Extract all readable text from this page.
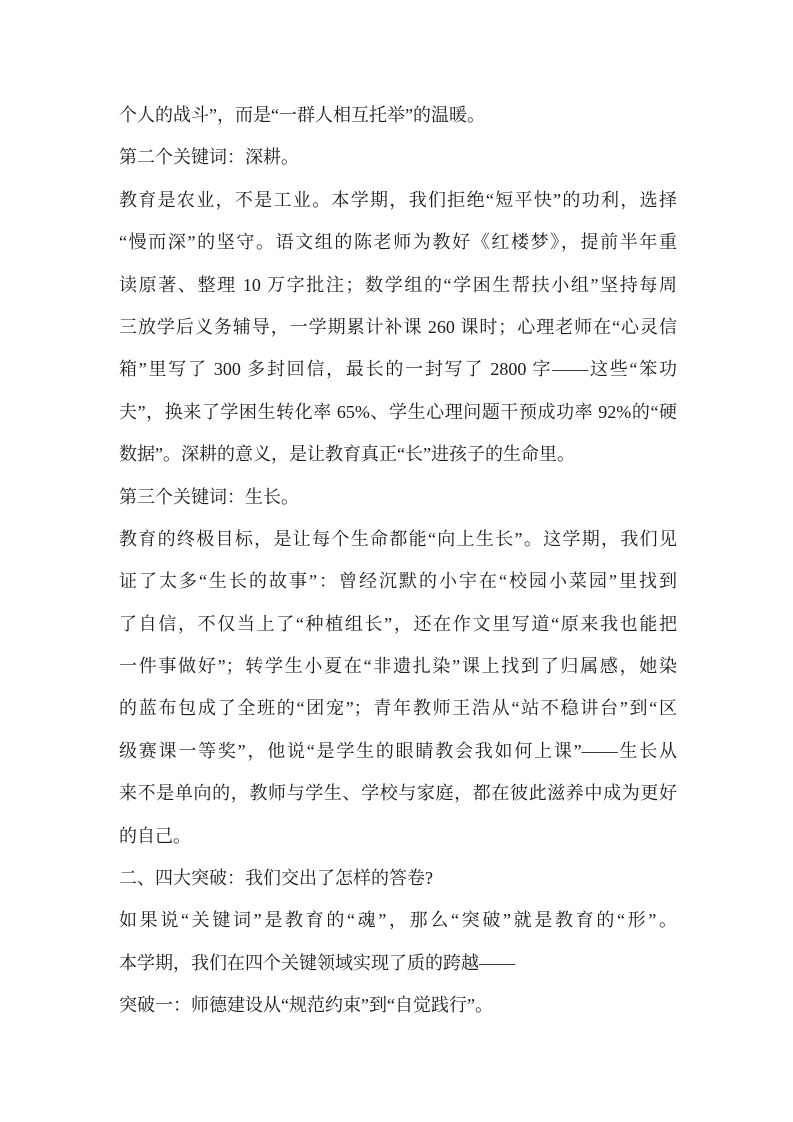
个人的战斗”，而是“一群人相互托举”的温暖。
第二个关键词：深耕。
教育是农业，不是工业。本学期，我们拒绝“短平快”的功利，选择
“慢而深”的坚守。语文组的陈老师为教好《红楼梦》，提前半年重
读原著、整理 10 万字批注；数学组的“学困生帮扶小组”坚持每周
三放学后义务辅导，一学期累计补课 260 课时；心理老师在“心灵信
箱”里写了 300 多封回信，最长的一封写了 2800 字——这些“笨功
夫”，换来了学困生转化率 65%、学生心理问题干预成功率 92%的“硬
数据”。深耕的意义，是让教育真正“长”进孩子的生命里。
第三个关键词：生长。
教育的终极目标，是让每个生命都能“向上生长”。这学期，我们见
证了太多“生长的故事”：曾经沉默的小宇在“校园小菜园”里找到
了自信，不仅当上了“种植组长”，还在作文里写道“原来我也能把
一件事做好”；转学生小夏在“非遗扎染”课上找到了归属感，她染
的蓝布包成了全班的“团宠”；青年教师王浩从“站不稳讲台”到“区
级赛课一等奖”，他说“是学生的眼睛教会我如何上课”——生长从
来不是单向的，教师与学生、学校与家庭，都在彼此滋养中成为更好
的自己。
二、四大突破：我们交出了怎样的答卷?
如果说“关键词”是教育的“魂”，那么“突破”就是教育的“形”。
本学期，我们在四个关键领域实现了质的跨越——
突破一：师德建设从“规范约束”到“自觉践行”。
